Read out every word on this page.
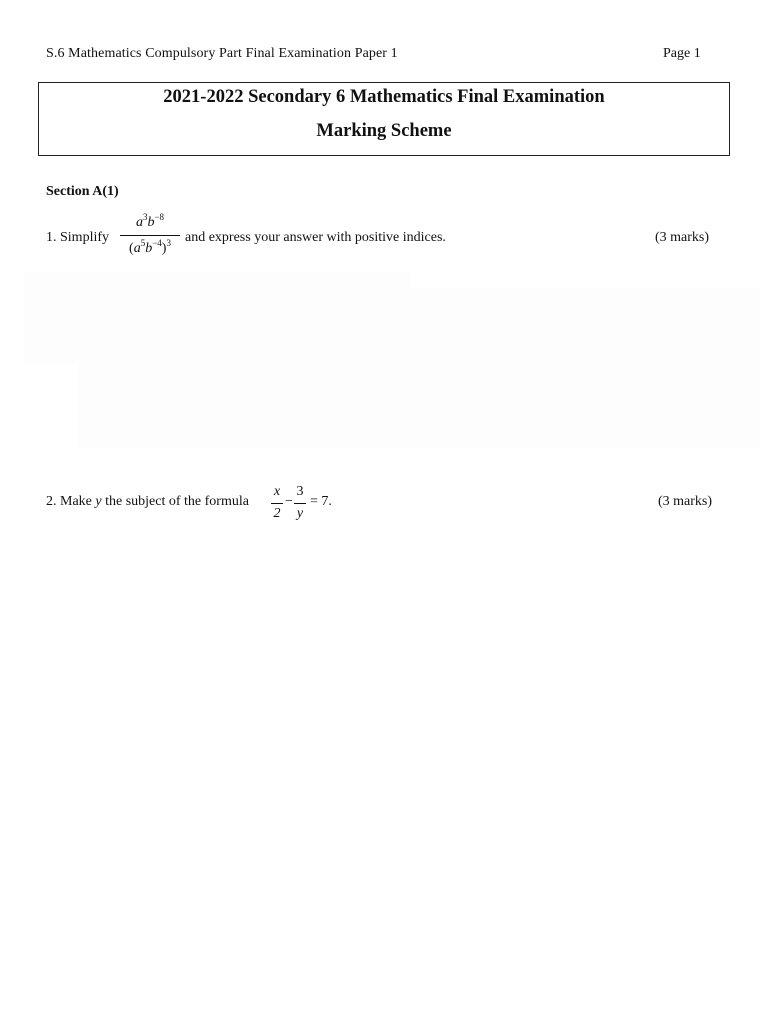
S.6 Mathematics Compulsory Part Final Examination Paper 1	Page 1
2021-2022 Secondary 6 Mathematics Final Examination
Marking Scheme
Section A(1)
1. Simplify
$a^3b^{-8}$
$(a^5b^{-4})^3$	and express your answer with positive indices.	(3 marks)
2. Make y the subject of the formula
x
2
−
3
y
= 7.	(3 marks)
